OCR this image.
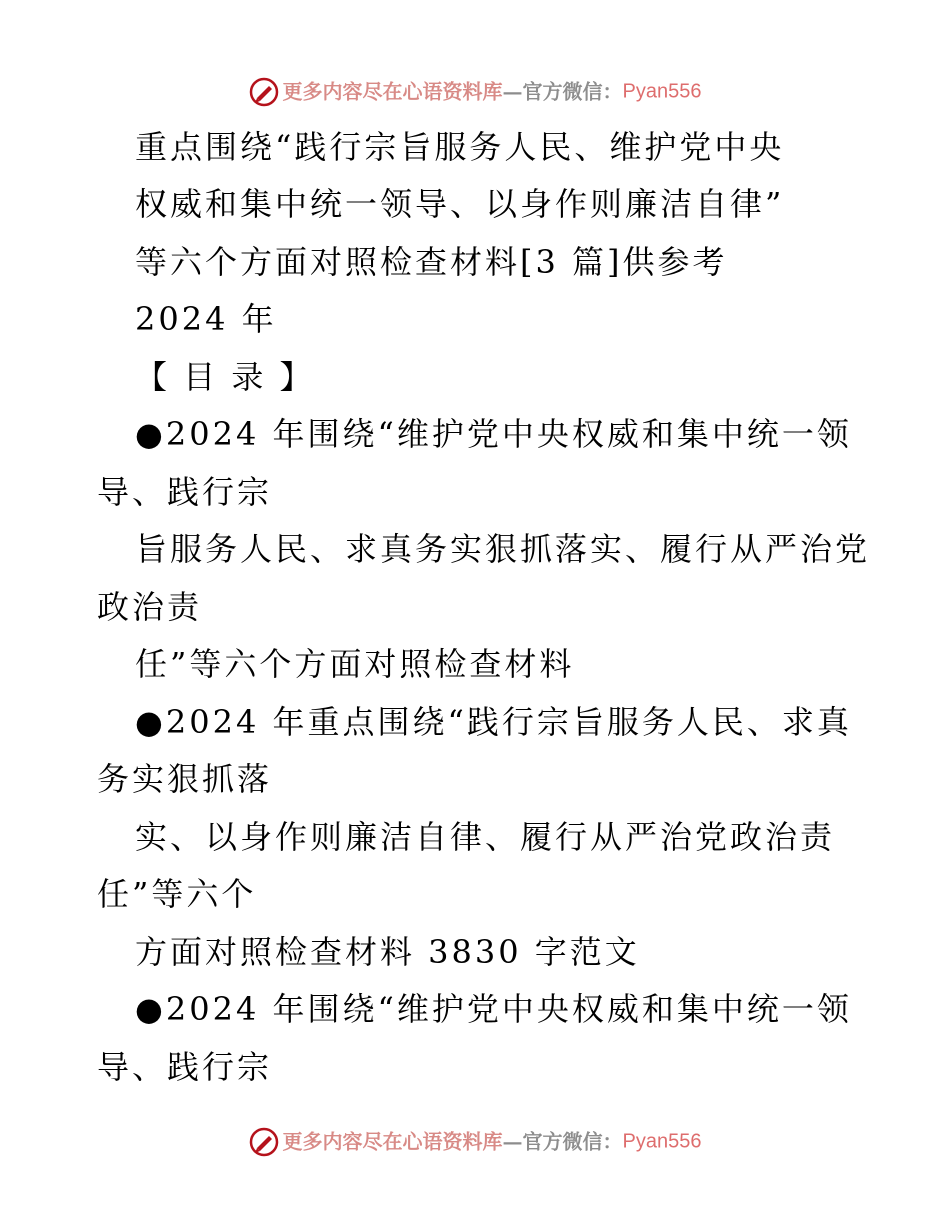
更多内容尽在心语资料库—官方微信：Pyan556
重点围绕“践行宗旨服务人民、维护党中央
权威和集中统一领导、以身作则廉洁自律”
等六个方面对照检查材料[3 篇]供参考
2024 年
【 目 录 】
●2024 年围绕“维护党中央权威和集中统一领
导、践行宗
旨服务人民、求真务实狠抓落实、履行从严治党
政治责
任”等六个方面对照检查材料
●2024 年重点围绕“践行宗旨服务人民、求真
务实狠抓落
实、以身作则廉洁自律、履行从严治党政治责
任”等六个
方面对照检查材料 3830 字范文
●2024 年围绕“维护党中央权威和集中统一领
导、践行宗
更多内容尽在心语资料库—官方微信：Pyan556
